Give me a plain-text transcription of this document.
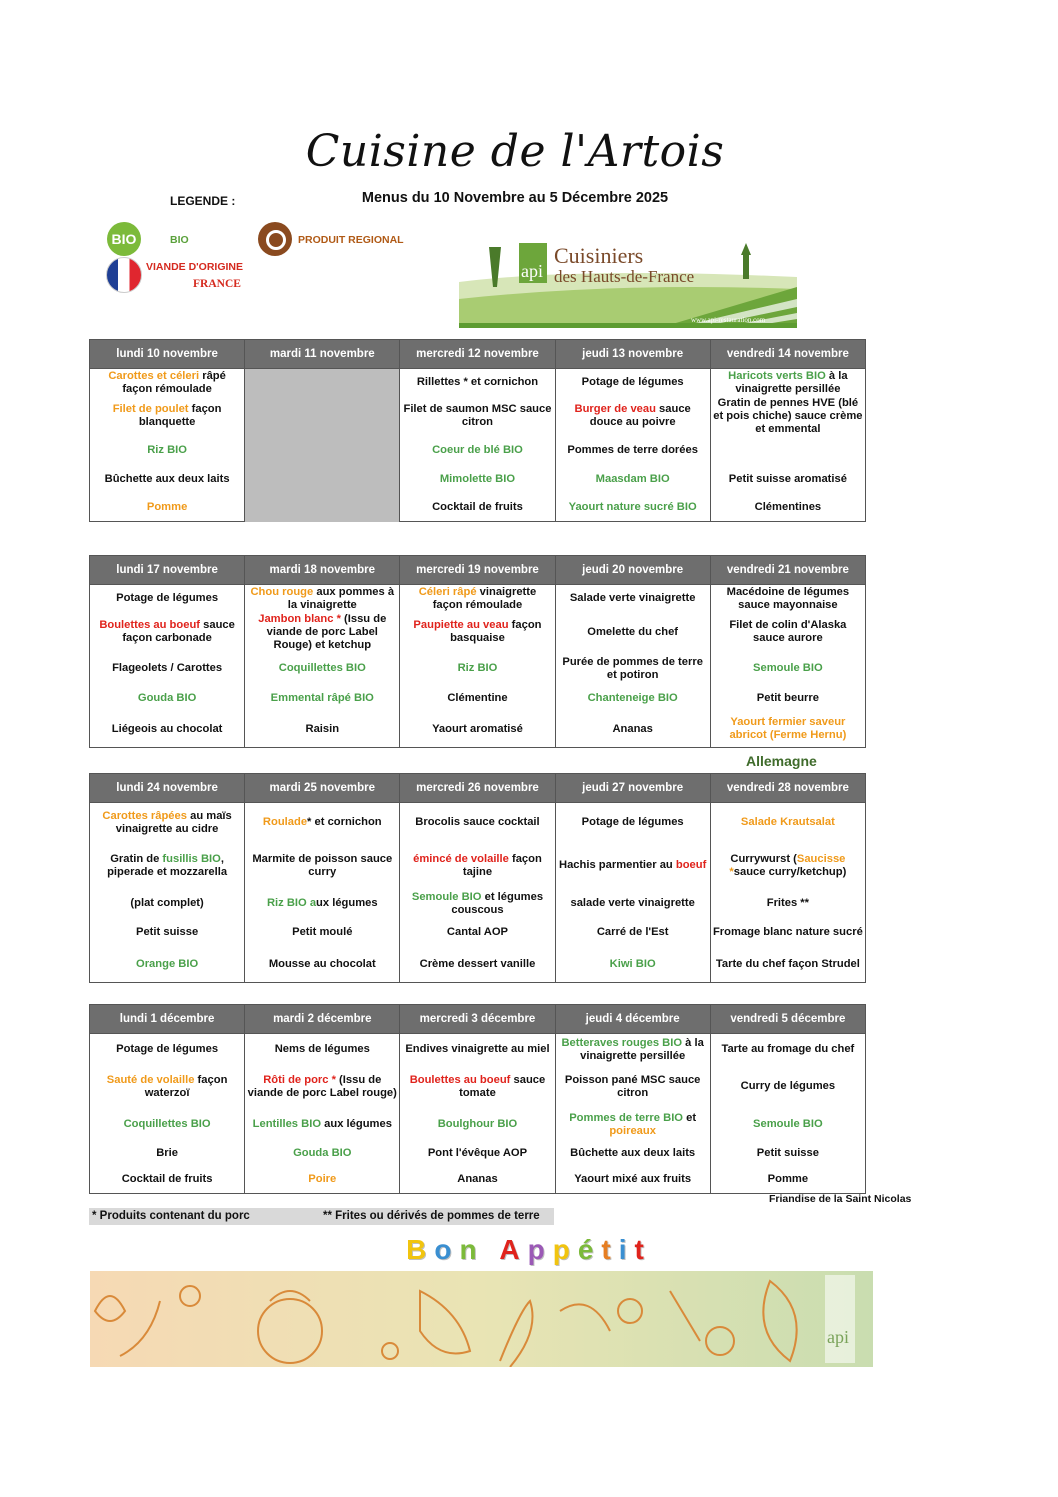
Cuisine de l'Artois
Menus du 10 Novembre au 5 Décembre 2025
LEGENDE :
BIO	BIO	PRODUIT REGIONAL
VIANDE D'ORIGINE
FRANCE
api
Cuisiniers
des Hauts-de-France
www.api-restauration.com
lundi 10 novembre	mardi 11 novembre	mercredi 12 novembre	jeudi 13 novembre	vendredi 14 novembre
Carottes et céleri râpé façon rémoulade		Rillettes * et cornichon	Potage de légumes	Haricots verts BIO à la vinaigrette persillée
Filet de poulet façon blanquette		Filet de saumon MSC sauce citron	Burger de veau sauce douce au poivre	Gratin de pennes HVE (blé et pois chiche) sauce crème et emmental
Riz BIO		Coeur de blé BIO	Pommes de terre dorées	
Bûchette aux deux laits		Mimolette BIO	Maasdam BIO	Petit suisse aromatisé
Pomme		Cocktail de fruits	Yaourt nature sucré BIO	Clémentines
lundi 17 novembre	mardi 18 novembre	mercredi 19 novembre	jeudi 20 novembre	vendredi 21 novembre
Potage de légumes	Chou rouge aux pommes à la vinaigrette	Céleri râpé vinaigrette façon rémoulade	Salade verte vinaigrette	Macédoine de légumes sauce mayonnaise
Boulettes au boeuf sauce façon carbonade	Jambon blanc * (Issu de viande de porc Label Rouge) et ketchup	Paupiette au veau façon basquaise	Omelette du chef	Filet de colin d'Alaska sauce aurore
Flageolets / Carottes	Coquillettes BIO	Riz BIO	Purée de pommes de terre et potiron	Semoule BIO
Gouda BIO	Emmental râpé BIO	Clémentine	Chanteneige BIO	Petit beurre
Liégeois au chocolat	Raisin	Yaourt aromatisé	Ananas	Yaourt fermier saveur abricot (Ferme Hernu)
lundi 24 novembre	mardi 25 novembre	mercredi 26 novembre	jeudi 27 novembre	vendredi 28 novembre
Carottes râpées au maïs vinaigrette au cidre	Roulade* et cornichon	Brocolis sauce cocktail	Potage de légumes	Salade Krautsalat
Gratin de fusillis BIO, piperade et mozzarella	Marmite de poisson sauce curry	émincé de volaille façon tajine	Hachis parmentier au boeuf	Currywurst (Saucisse *sauce curry/ketchup)
(plat complet)	Riz BIO aux légumes	Semoule BIO et légumes couscous	salade verte vinaigrette	Frites **
Petit suisse	Petit moulé	Cantal AOP	Carré de l'Est	Fromage blanc nature sucré
Orange BIO	Mousse au chocolat	Crème dessert vanille	Kiwi BIO	Tarte du chef façon Strudel
lundi 1 décembre	mardi 2 décembre	mercredi 3 décembre	jeudi 4 décembre	vendredi 5 décembre
Potage de légumes	Nems de légumes	Endives vinaigrette au miel	Betteraves rouges BIO à la vinaigrette persillée	Tarte au fromage du chef
Sauté de volaille façon waterzoï	Rôti de porc * (Issu de viande de porc Label rouge)	Boulettes au boeuf sauce tomate	Poisson pané MSC sauce citron	Curry de légumes
Coquillettes BIO	Lentilles BIO aux légumes	Boulghour BIO	Pommes de terre BIO et poireaux	Semoule BIO
Brie	Gouda BIO	Pont l'évêque AOP	Bûchette aux deux laits	Petit suisse
Cocktail de fruits	Poire	Ananas	Yaourt mixé aux fruits	Pomme
Allemagne
Friandise de la Saint Nicolas
* Produits contenant du porc	** Frites ou dérivés de pommes de terre
Bon Appétit
api
